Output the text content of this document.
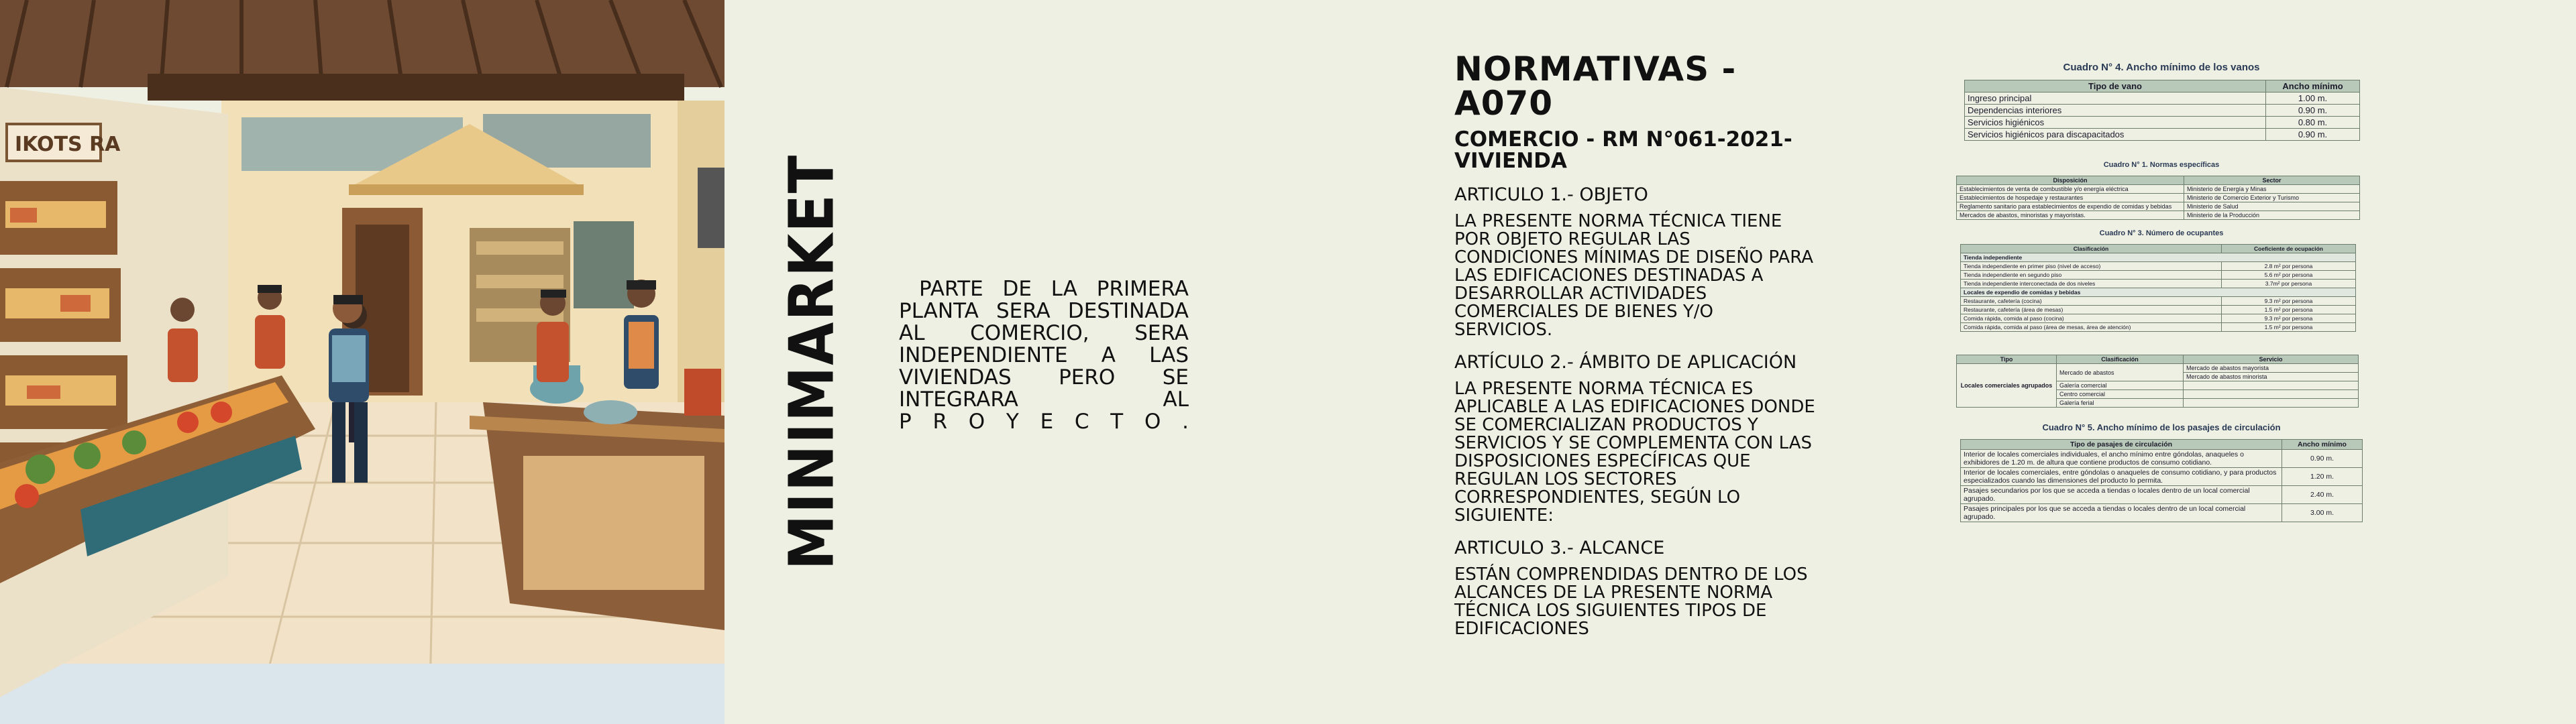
IKOTS RA
MINIMARKET	PARTE DE LA PRIMERA
PLANTA SERA DESTINADA
AL COMERCIO, SERA
INDEPENDIENTE A LAS
VIVIENDAS PERO SE
INTEGRARA AL
P R O Y E C T O .
NORMATIVAS -
A070
COMERCIO - RM N°061-2021-
VIVIENDA
ARTICULO 1.- OBJETO
LA PRESENTE NORMA TÉCNICA TIENE POR OBJETO REGULAR LAS CONDICIONES MÍNIMAS DE DISEÑO PARA LAS EDIFICACIONES DESTINADAS A DESARROLLAR ACTIVIDADES COMERCIALES DE BIENES Y/O SERVICIOS.
ARTÍCULO 2.- ÁMBITO DE APLICACIÓN
LA PRESENTE NORMA TÉCNICA ES APLICABLE A LAS EDIFICACIONES DONDE SE COMERCIALIZAN PRODUCTOS Y SERVICIOS Y SE COMPLEMENTA CON LAS DISPOSICIONES ESPECÍFICAS QUE REGULAN LOS SECTORES CORRESPONDIENTES, SEGÚN LO SIGUIENTE:
ARTICULO 3.- ALCANCE
ESTÁN COMPRENDIDAS DENTRO DE LOS ALCANCES DE LA PRESENTE NORMA TÉCNICA LOS SIGUIENTES TIPOS DE EDIFICACIONES
Cuadro N° 4. Ancho mínimo de los vanos
Tipo de vano	Ancho mínimo
Ingreso principal	1.00 m.
Dependencias interiores	0.90 m.
Servicios higiénicos	0.80 m.
Servicios higiénicos para discapacitados	0.90 m.
Cuadro N° 1. Normas específicas
Disposición	Sector
Establecimientos de venta de combustible y/o energía eléctrica	Ministerio de Energía y Minas
Establecimientos de hospedaje y restaurantes	Ministerio de Comercio Exterior y Turismo
Reglamento sanitario para establecimientos de expendio de comidas y bebidas	Ministerio de Salud
Mercados de abastos, minoristas y mayoristas.	Ministerio de la Producción
Cuadro N° 3. Número de ocupantes
Clasificación	Coeficiente de ocupación
Tienda independiente	
Tienda independiente en primer piso (nivel de acceso)	2.8 m² por persona
Tienda independiente en segundo piso	5.6 m² por persona
Tienda independiente interconectada de dos niveles	3.7m² por persona
Locales de expendio de comidas y bebidas	
Restaurante, cafetería (cocina)	9.3 m² por persona
Restaurante, cafetería (área de mesas)	1.5 m² por persona
Comida rápida, comida al paso (cocina)	9.3 m² por persona
Comida rápida, comida al paso (área de mesas, área de atención)	1.5 m² por persona
Tipo	Clasificación	Servicio
Locales comerciales agrupados	Mercado de abastos	Mercado de abastos mayorista
		Mercado de abastos minorista
	Galería comercial	
	Centro comercial	
	Galería ferial	
Cuadro N° 5. Ancho mínimo de los pasajes de circulación
Tipo de pasajes de circulación	Ancho mínimo
Interior de locales comerciales individuales, el ancho mínimo entre góndolas, anaqueles o exhibidores de 1.20 m. de altura que contiene productos de consumo cotidiano.	0.90 m.
Interior de locales comerciales, entre góndolas o anaqueles de consumo cotidiano, y para productos especializados cuando las dimensiones del producto lo permita.	1.20 m.
Pasajes secundarios por los que se acceda a tiendas o locales dentro de un local comercial agrupado.	2.40 m.
Pasajes principales por los que se acceda a tiendas o locales dentro de un local comercial agrupado.	3.00 m.
